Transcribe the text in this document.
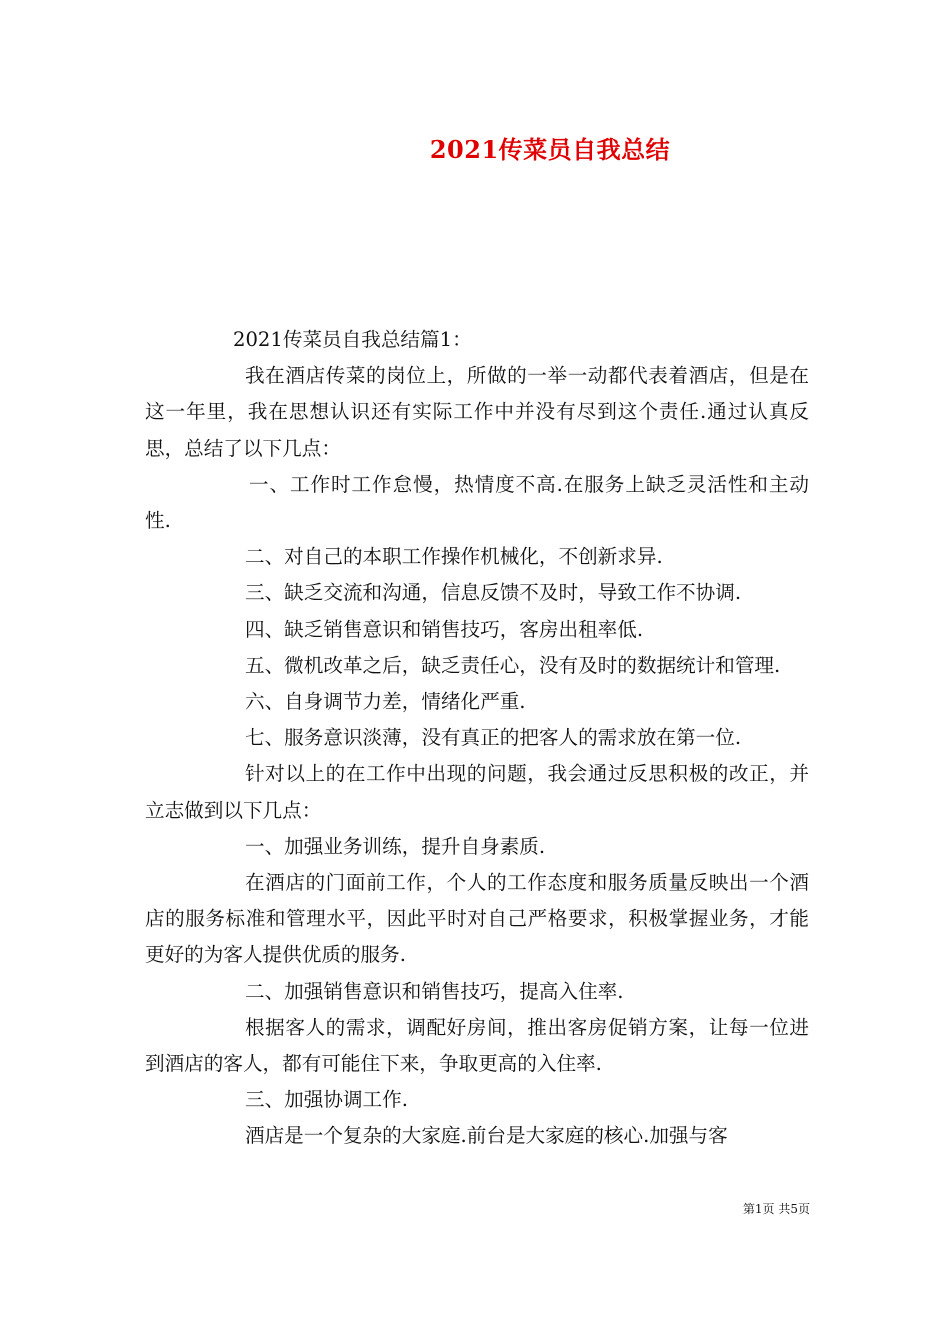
2021传菜员自我总结

2021传菜员自我总结篇1：

我在酒店传菜的岗位上，所做的一举一动都代表着酒店，但是在这一年里，我在思想认识还有实际工作中并没有尽到这个责任.通过认真反思，总结了以下几点：

一、工作时工作怠慢，热情度不高.在服务上缺乏灵活性和主动性.

二、对自己的本职工作操作机械化，不创新求异.

三、缺乏交流和沟通，信息反馈不及时，导致工作不协调.

四、缺乏销售意识和销售技巧，客房出租率低.

五、微机改革之后，缺乏责任心，没有及时的数据统计和管理.

六、自身调节力差，情绪化严重.

七、服务意识淡薄，没有真正的把客人的需求放在第一位.

针对以上的在工作中出现的问题，我会通过反思积极的改正，并立志做到以下几点：

一、加强业务训练，提升自身素质.

在酒店的门面前工作，个人的工作态度和服务质量反映出一个酒店的服务标准和管理水平，因此平时对自己严格要求，积极掌握业务，才能更好的为客人提供优质的服务.

二、加强销售意识和销售技巧，提高入住率.

根据客人的需求，调配好房间，推出客房促销方案，让每一位进到酒店的客人，都有可能住下来，争取更高的入住率.

三、加强协调工作.

酒店是一个复杂的大家庭.前台是大家庭的核心.加强与客

第1页 共5页
